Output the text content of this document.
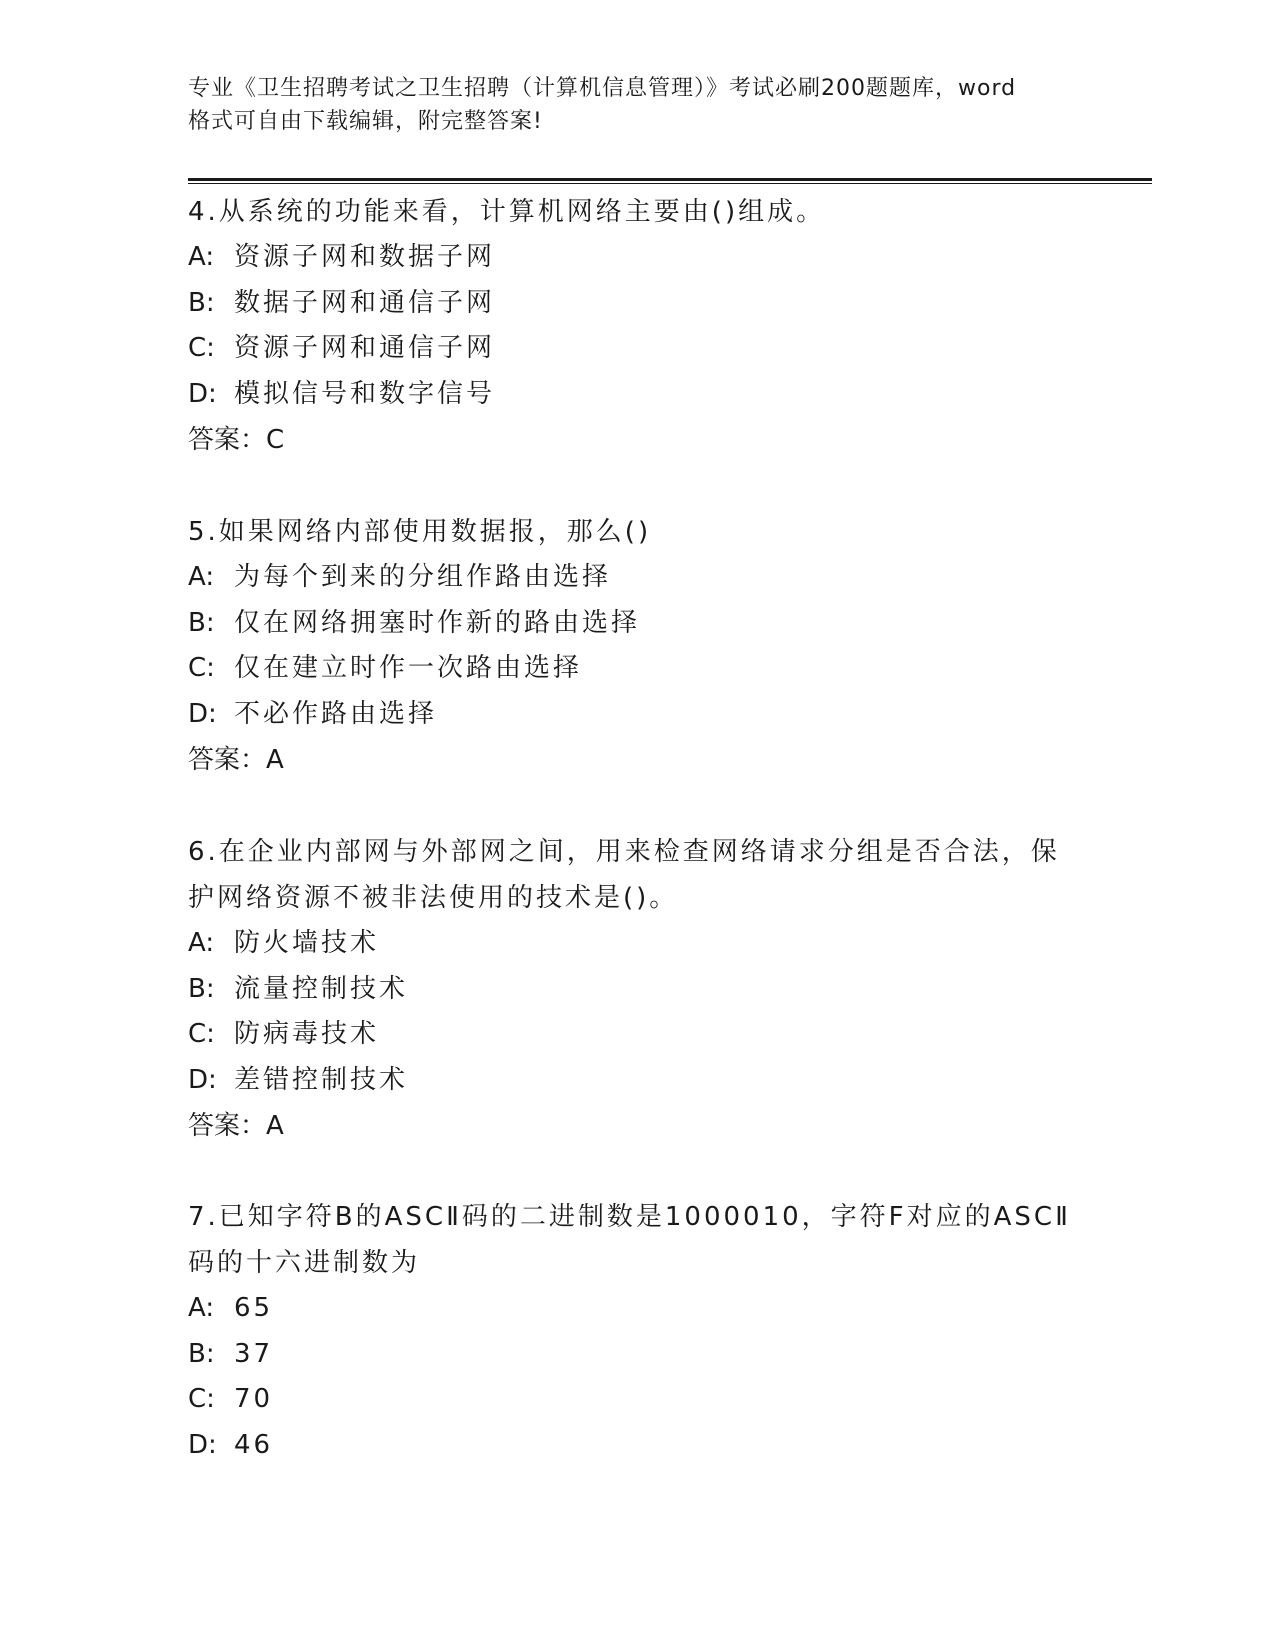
专业《卫生招聘考试之卫生招聘（计算机信息管理）》考试必刷200题题库，word
格式可自由下载编辑，附完整答案!
4.从系统的功能来看，计算机网络主要由()组成。
A: 资源子网和数据子网
B: 数据子网和通信子网
C: 资源子网和通信子网
D: 模拟信号和数字信号
答案：C
5.如果网络内部使用数据报，那么()
A: 为每个到来的分组作路由选择
B: 仅在网络拥塞时作新的路由选择
C: 仅在建立时作一次路由选择
D: 不必作路由选择
答案：A
6.在企业内部网与外部网之间，用来检查网络请求分组是否合法，保
护网络资源不被非法使用的技术是()。
A: 防火墙技术
B: 流量控制技术
C: 防病毒技术
D: 差错控制技术
答案：A
7.已知字符B的ASCⅡ码的二进制数是1000010，字符F对应的ASCⅡ
码的十六进制数为
A: 65
B: 37
C: 70
D: 46
